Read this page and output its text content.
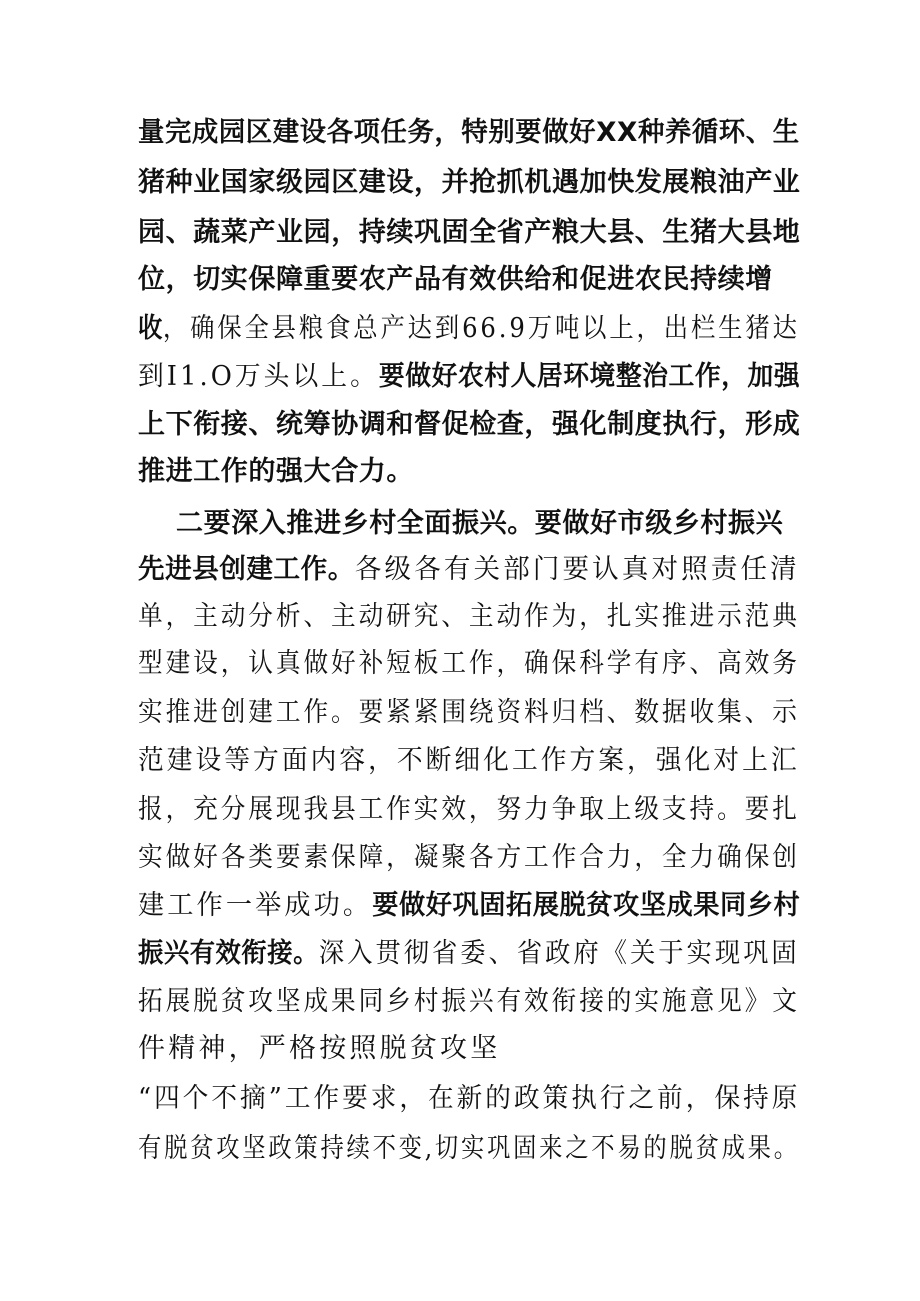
量完成园区建设各项任务，特别要做好XX种养循环、生
猪种业国家级园区建设，并抢抓机遇加快发展粮油产业
园、蔬菜产业园，持续巩固全省产粮大县、生猪大县地
位，切实保障重要农产品有效供给和促进农民持续增
收，确保全县粮食总产达到66.9万吨以上，出栏生猪达
到I1.O万头以上。要做好农村人居环境整治工作，加强
上下衔接、统筹协调和督促检查，强化制度执行，形成
推进工作的强大合力。
二要深入推进乡村全面振兴。要做好市级乡村振兴
先进县创建工作。各级各有关部门要认真对照责任清
单，主动分析、主动研究、主动作为，扎实推进示范典
型建设，认真做好补短板工作，确保科学有序、高效务
实推进创建工作。要紧紧围绕资料归档、数据收集、示
范建设等方面内容，不断细化工作方案，强化对上汇
报，充分展现我县工作实效，努力争取上级支持。要扎
实做好各类要素保障，凝聚各方工作合力，全力确保创
建工作一举成功。要做好巩固拓展脱贫攻坚成果同乡村
振兴有效衔接。深入贯彻省委、省政府《关于实现巩固
拓展脱贫攻坚成果同乡村振兴有效衔接的实施意见》文
件精神，严格按照脱贫攻坚
“四个不摘”工作要求，在新的政策执行之前，保持原
有脱贫攻坚政策持续不变,切实巩固来之不易的脱贫成果。
